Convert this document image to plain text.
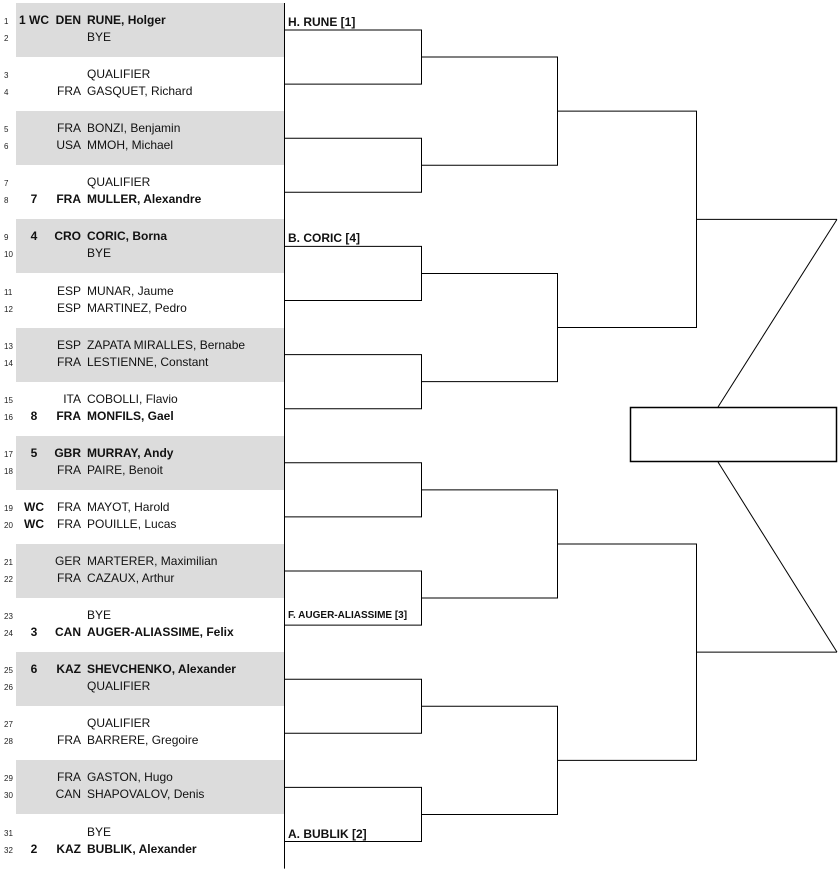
1 1 WC DEN RUNE, Holger
2	BYE
3	QUALIFIER
4	FRA GASQUET, Richard
5	FRA BONZI, Benjamin
6	USA MMOH, Michael
7	QUALIFIER
8	7	FRA MULLER, Alexandre
9	4	CRO CORIC, Borna
10	BYE
11	ESP MUNAR, Jaume
12	ESP MARTINEZ, Pedro
13	ESP ZAPATA MIRALLES, Bernabe
14	FRA LESTIENNE, Constant
15	ITA COBOLLI, Flavio
16	8	FRA MONFILS, Gael
17	5	GBR MURRAY, Andy
18	FRA PAIRE, Benoit
19 WC	FRA MAYOT, Harold
20 WC	FRA POUILLE, Lucas
21	GER MARTERER, Maximilian
22	FRA CAZAUX, Arthur
23	BYE
24	3	CAN AUGER-ALIASSIME, Felix
25	6	KAZ SHEVCHENKO, Alexander
26	QUALIFIER
27	QUALIFIER
28	FRA BARRERE, Gregoire
29	FRA GASTON, Hugo
30	CAN SHAPOVALOV, Denis
31	BYE
32	2	KAZ BUBLIK, Alexander
H. RUNE [1]
B. CORIC [4]
F. AUGER-ALIASSIME [3]
A. BUBLIK [2]
